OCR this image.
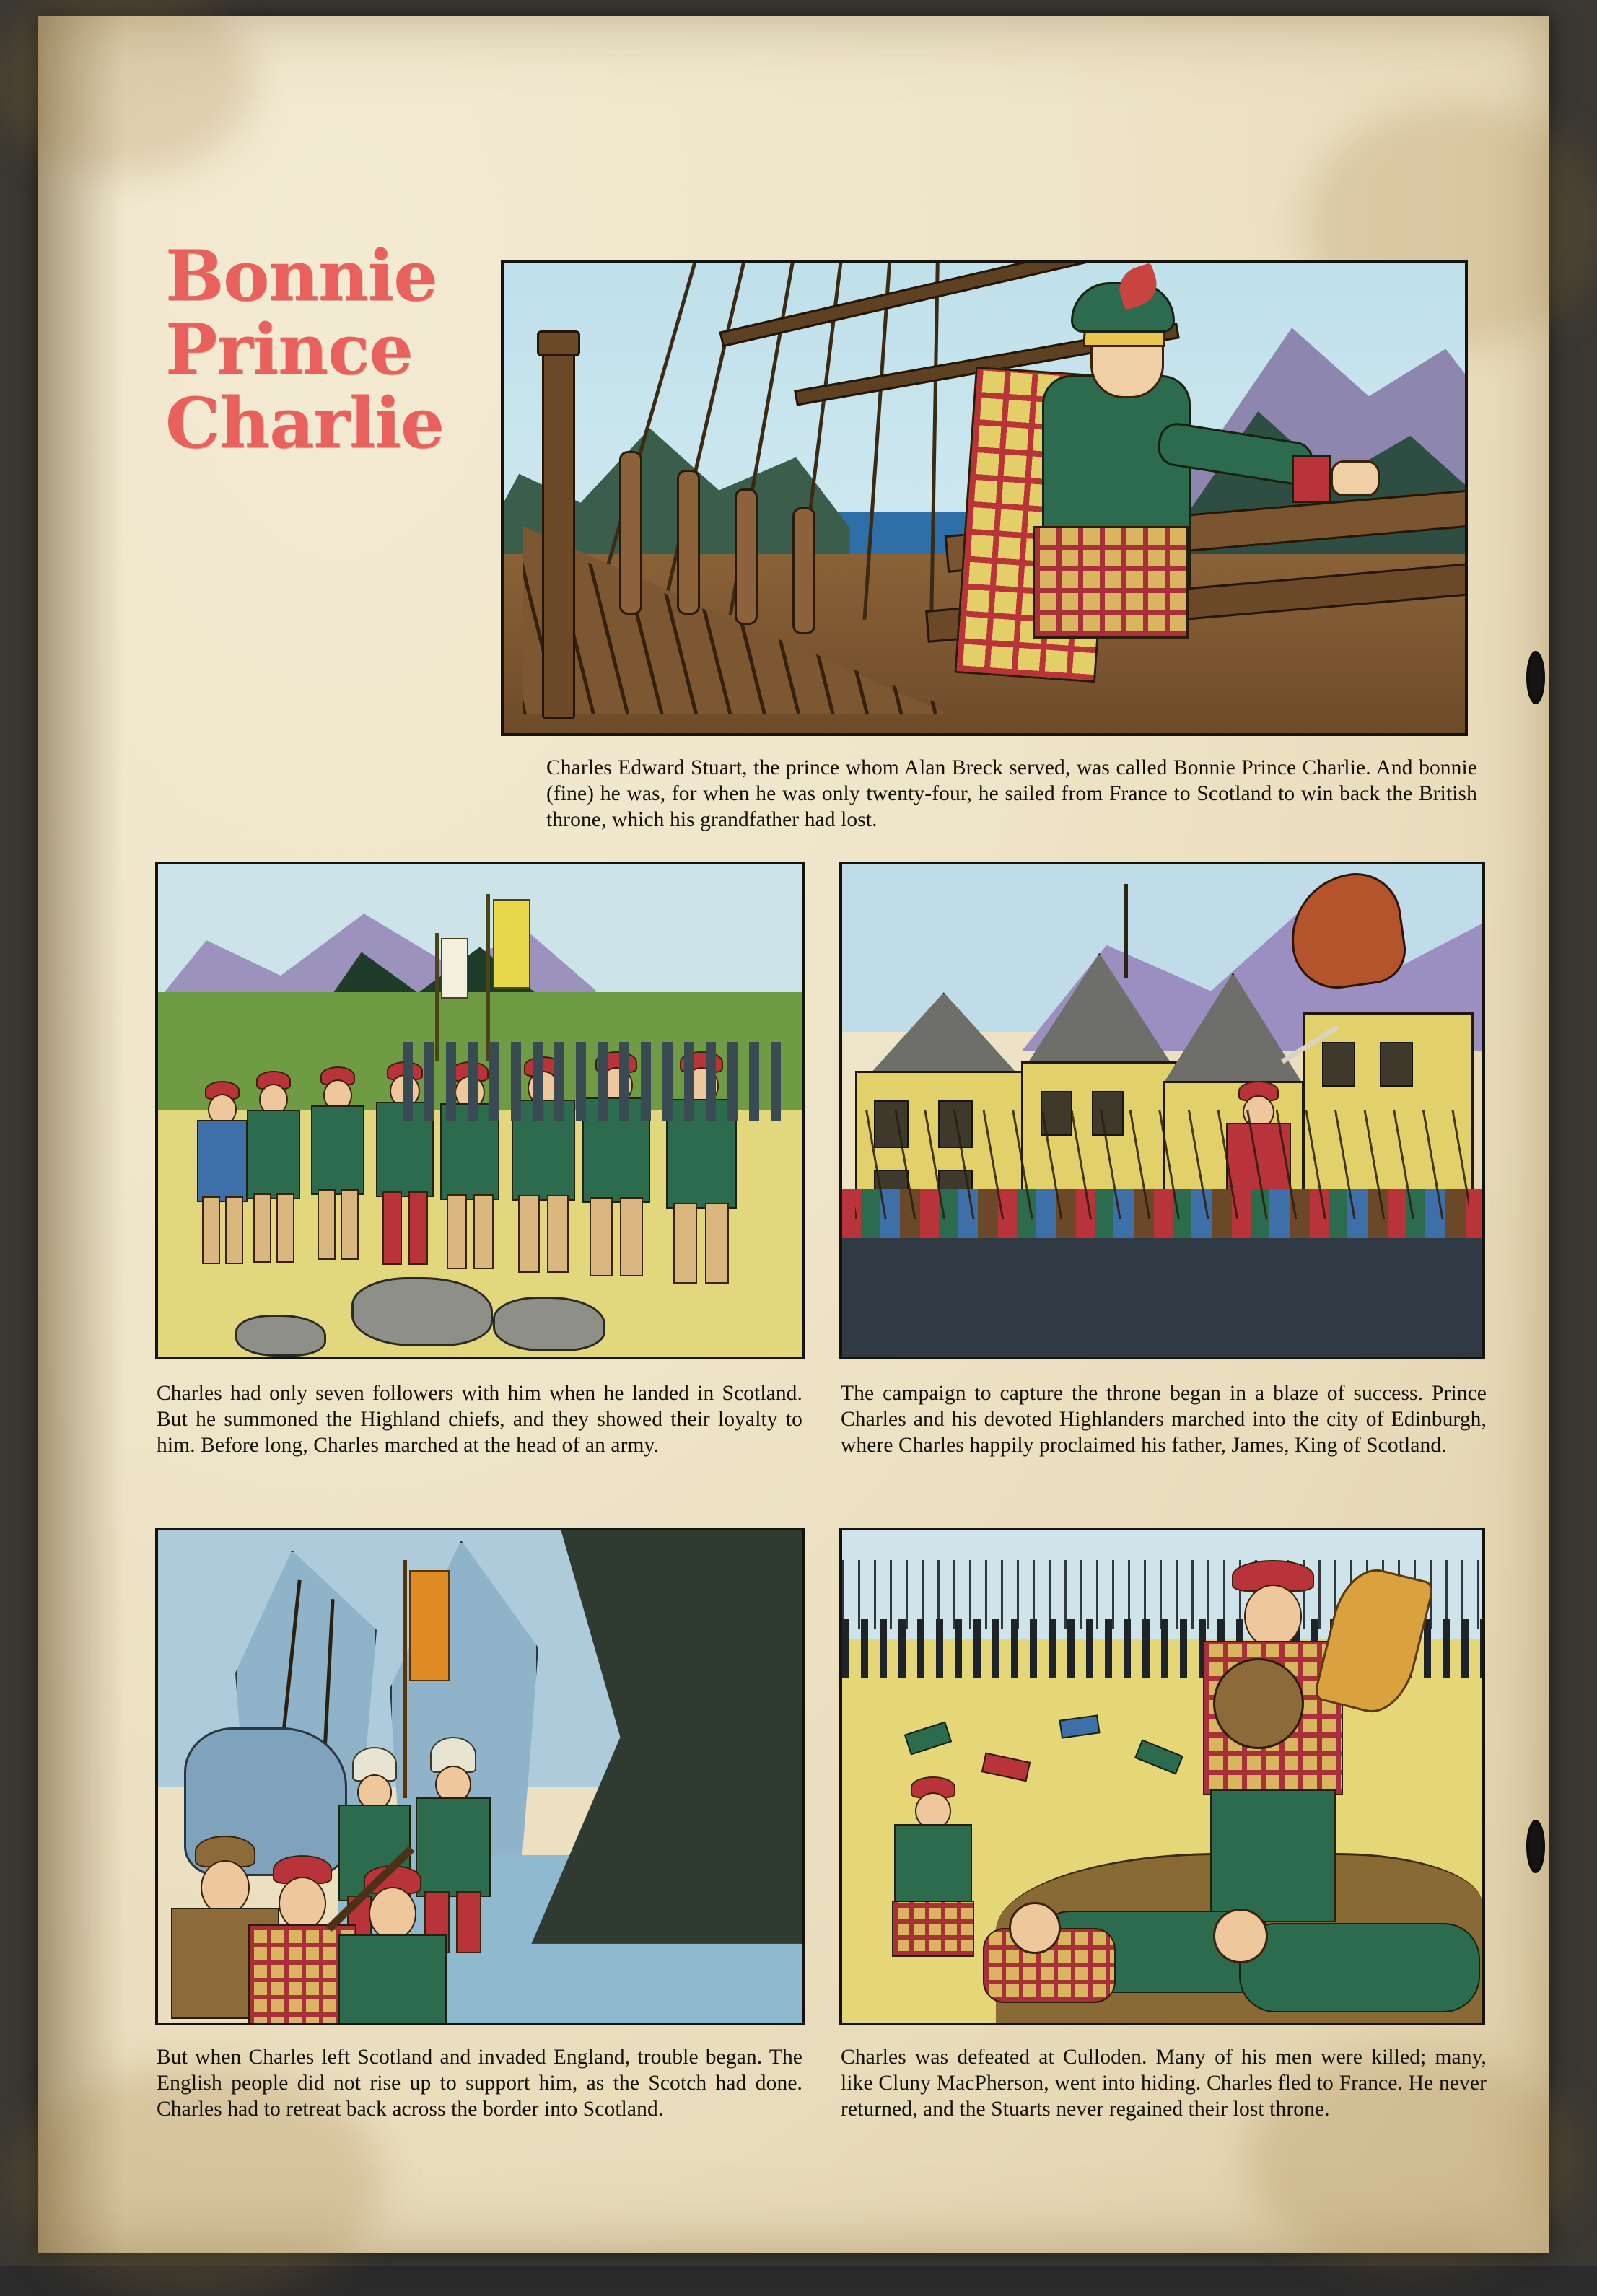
Bonnie
Prince
Charlie
Charles Edward Stuart, the prince whom Alan Breck served, was called Bonnie Prince Charlie. And bonnie (fine) he was, for when he was only twenty-four, he sailed from France to Scotland to win back the British throne, which his grandfather had lost.
Charles had only seven followers with him when he landed in Scotland. But he summoned the Highland chiefs, and they showed their loyalty to him. Before long, Charles marched at the head of an army.
The campaign to capture the throne began in a blaze of success. Prince Charles and his devoted Highlanders marched into the city of Edinburgh, where Charles happily proclaimed his father, James, King of Scotland.
But when Charles left Scotland and invaded England, trouble began. The English people did not rise up to support him, as the Scotch had done. Charles had to retreat back across the border into Scotland.
Charles was defeated at Culloden. Many of his men were killed; many, like Cluny MacPherson, went into hiding. Charles fled to France. He never returned, and the Stuarts never regained their lost throne.
